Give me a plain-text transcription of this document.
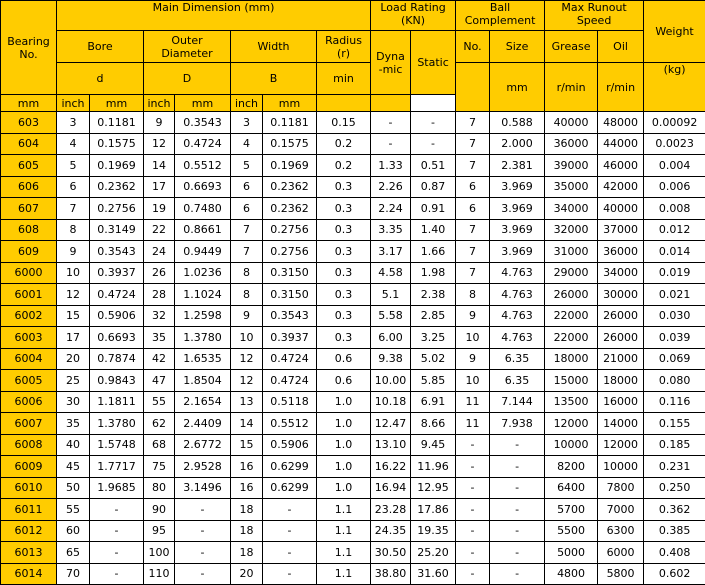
Bearing
No.	Main Dimension (mm)							Load Rating
(KN)		Ball
Complement		Max Runout
Speed		Weight
	Bore		Outer
Diameter		Width		Radius
(r)	Dyna
-mic	Static	No.	Size	Grease	Oil	
	d		D		B		min				mm	r/min	r/min	(kg)
mm	inch	mm	inch	mm	inch	mm								
603	3	0.1181	9	0.3543	3	0.1181	0.15	-	-	7	0.588	40000	48000	0.00092
604	4	0.1575	12	0.4724	4	0.1575	0.2	-	-	7	2.000	36000	44000	0.0023
605	5	0.1969	14	0.5512	5	0.1969	0.2	1.33	0.51	7	2.381	39000	46000	0.004
606	6	0.2362	17	0.6693	6	0.2362	0.3	2.26	0.87	6	3.969	35000	42000	0.006
607	7	0.2756	19	0.7480	6	0.2362	0.3	2.24	0.91	6	3.969	34000	40000	0.008
608	8	0.3149	22	0.8661	7	0.2756	0.3	3.35	1.40	7	3.969	32000	37000	0.012
609	9	0.3543	24	0.9449	7	0.2756	0.3	3.17	1.66	7	3.969	31000	36000	0.014
6000	10	0.3937	26	1.0236	8	0.3150	0.3	4.58	1.98	7	4.763	29000	34000	0.019
6001	12	0.4724	28	1.1024	8	0.3150	0.3	5.1	2.38	8	4.763	26000	30000	0.021
6002	15	0.5906	32	1.2598	9	0.3543	0.3	5.58	2.85	9	4.763	22000	26000	0.030
6003	17	0.6693	35	1.3780	10	0.3937	0.3	6.00	3.25	10	4.763	22000	26000	0.039
6004	20	0.7874	42	1.6535	12	0.4724	0.6	9.38	5.02	9	6.35	18000	21000	0.069
6005	25	0.9843	47	1.8504	12	0.4724	0.6	10.00	5.85	10	6.35	15000	18000	0.080
6006	30	1.1811	55	2.1654	13	0.5118	1.0	10.18	6.91	11	7.144	13500	16000	0.116
6007	35	1.3780	62	2.4409	14	0.5512	1.0	12.47	8.66	11	7.938	12000	14000	0.155
6008	40	1.5748	68	2.6772	15	0.5906	1.0	13.10	9.45	-	-	10000	12000	0.185
6009	45	1.7717	75	2.9528	16	0.6299	1.0	16.22	11.96	-	-	8200	10000	0.231
6010	50	1.9685	80	3.1496	16	0.6299	1.0	16.94	12.95	-	-	6400	7800	0.250
6011	55	-	90	-	18	-	1.1	23.28	17.86	-	-	5700	7000	0.362
6012	60	-	95	-	18	-	1.1	24.35	19.35	-	-	5500	6300	0.385
6013	65	-	100	-	18	-	1.1	30.50	25.20	-	-	5000	6000	0.408
6014	70	-	110	-	20	-	1.1	38.80	31.60	-	-	4800	5800	0.602
